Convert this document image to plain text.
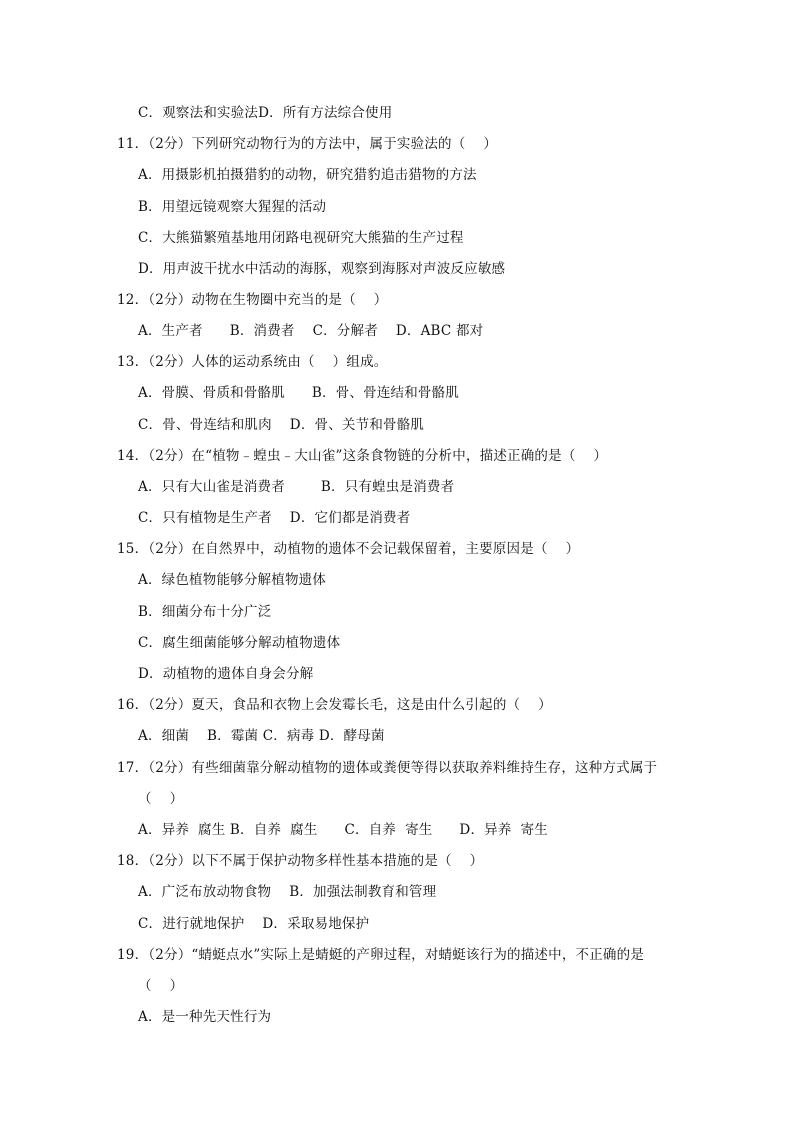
C．观察法和实验法D．所有方法综合使用
11．（2分）下列研究动物行为的方法中，属于实验法的（    ）
A．用摄影机拍摄猎豹的动物，研究猎豹追击猎物的方法
B．用望远镜观察大猩猩的活动
C．大熊猫繁殖基地用闭路电视研究大熊猫的生产过程
D．用声波干扰水中活动的海豚，观察到海豚对声波反应敏感
12．（2分）动物在生物圈中充当的是（    ）
A．生产者      B．消费者    C．分解者    D．ABC 都对
13．（2分）人体的运动系统由（    ）组成。
A．骨膜、骨质和骨骼肌      B．骨、骨连结和骨骼肌
C．骨、骨连结和肌肉    D．骨、关节和骨骼肌
14．（2分）在“植物﹣蝗虫﹣大山雀”这条食物链的分析中，描述正确的是（    ）
A．只有大山雀是消费者        B．只有蝗虫是消费者
C．只有植物是生产者    D．它们都是消费者
15．（2分）在自然界中，动植物的遗体不会记载保留着，主要原因是（    ）
A．绿色植物能够分解植物遗体
B．细菌分布十分广泛
C．腐生细菌能够分解动植物遗体
D．动植物的遗体自身会分解
16．（2分）夏天，食品和衣物上会发霉长毛，这是由什么引起的（    ）
A．细菌    B．霉菌 C．病毒 D．酵母菌
17．（2分）有些细菌靠分解动植物的遗体或粪便等得以获取养料维持生存，这种方式属于
（    ）
A．异养  腐生 B．自养  腐生      C．自养  寄生      D．异养  寄生
18．（2分）以下不属于保护动物多样性基本措施的是（    ）
A．广泛布放动物食物    B．加强法制教育和管理
C．进行就地保护    D．采取易地保护
19．（2分）“蜻蜓点水”实际上是蜻蜓的产卵过程，对蜻蜓该行为的描述中，不正确的是
（    ）
A．是一种先天性行为
